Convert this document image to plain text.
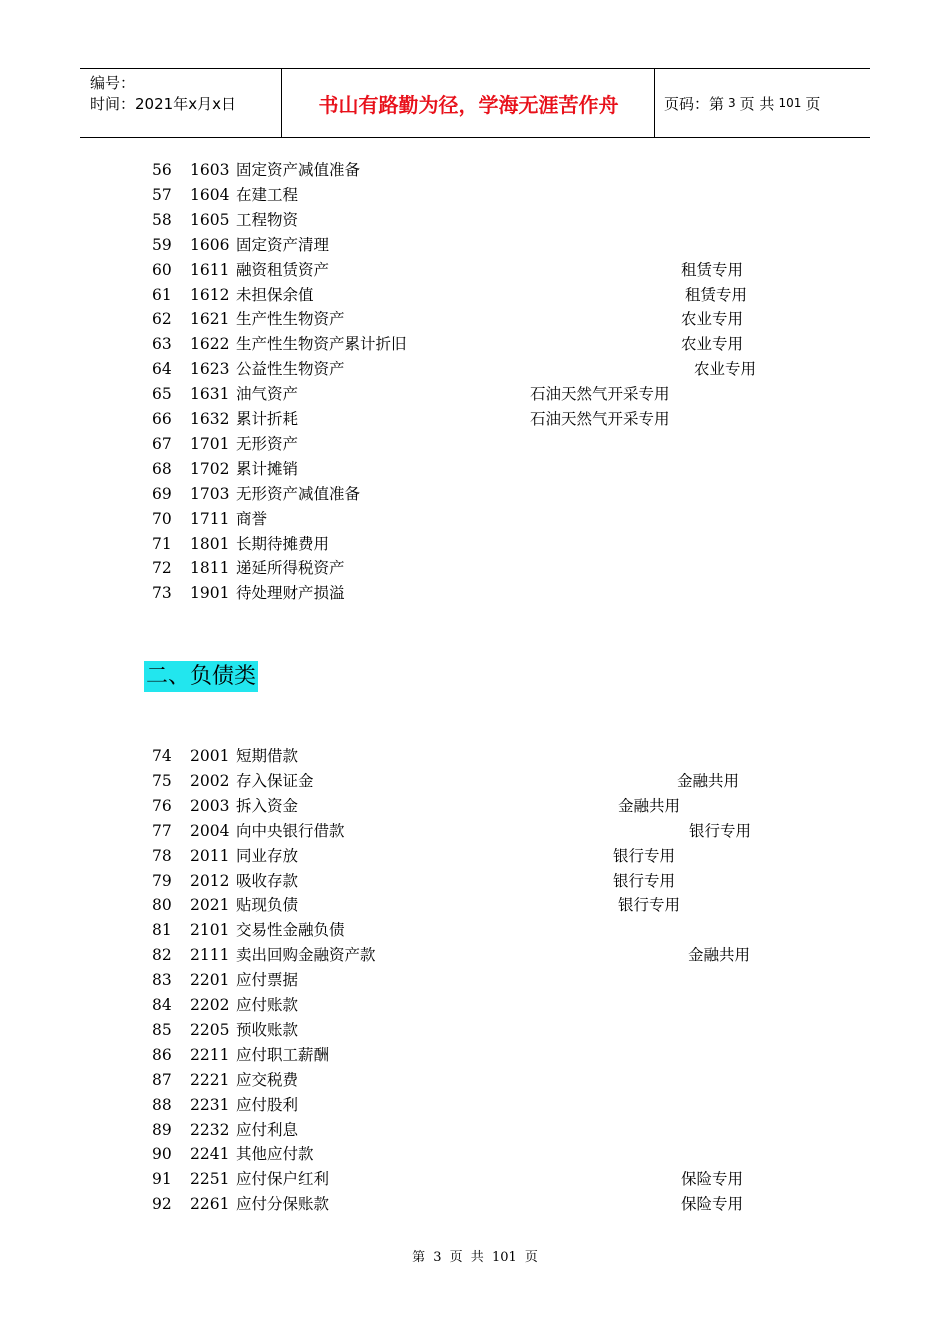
编号：
时间：2021年x月x日	书山有路勤为径，学海无涯苦作舟	页码：第 3 页 共 101 页
56 1603 固定资产减值准备
57 1604 在建工程
58 1605 工程物资
59 1606 固定资产清理
60 1611 融资租赁资产	租赁专用
61 1612 未担保余值	租赁专用
62 1621 生产性生物资产	农业专用
63 1622 生产性生物资产累计折旧	农业专用
64 1623 公益性生物资产	农业专用
65 1631 油气资产	石油天然气开采专用
66 1632 累计折耗	石油天然气开采专用
67 1701 无形资产
68 1702 累计摊销
69 1703 无形资产减值准备
70 1711 商誉
71 1801 长期待摊费用
72 1811 递延所得税资产
73 1901 待处理财产损溢
二、负债类
74 2001 短期借款
75 2002 存入保证金	金融共用
76 2003 拆入资金	金融共用
77 2004 向中央银行借款	银行专用
78 2011 同业存放	银行专用
79 2012 吸收存款	银行专用
80 2021 贴现负债	银行专用
81 2101 交易性金融负债
82 2111 卖出回购金融资产款	金融共用
83 2201 应付票据
84 2202 应付账款
85 2205 预收账款
86 2211 应付职工薪酬
87 2221 应交税费
88 2231 应付股利
89 2232 应付利息
90 2241 其他应付款
91 2251 应付保户红利	保险专用
92 2261 应付分保账款	保险专用
第 3 页 共 101 页
